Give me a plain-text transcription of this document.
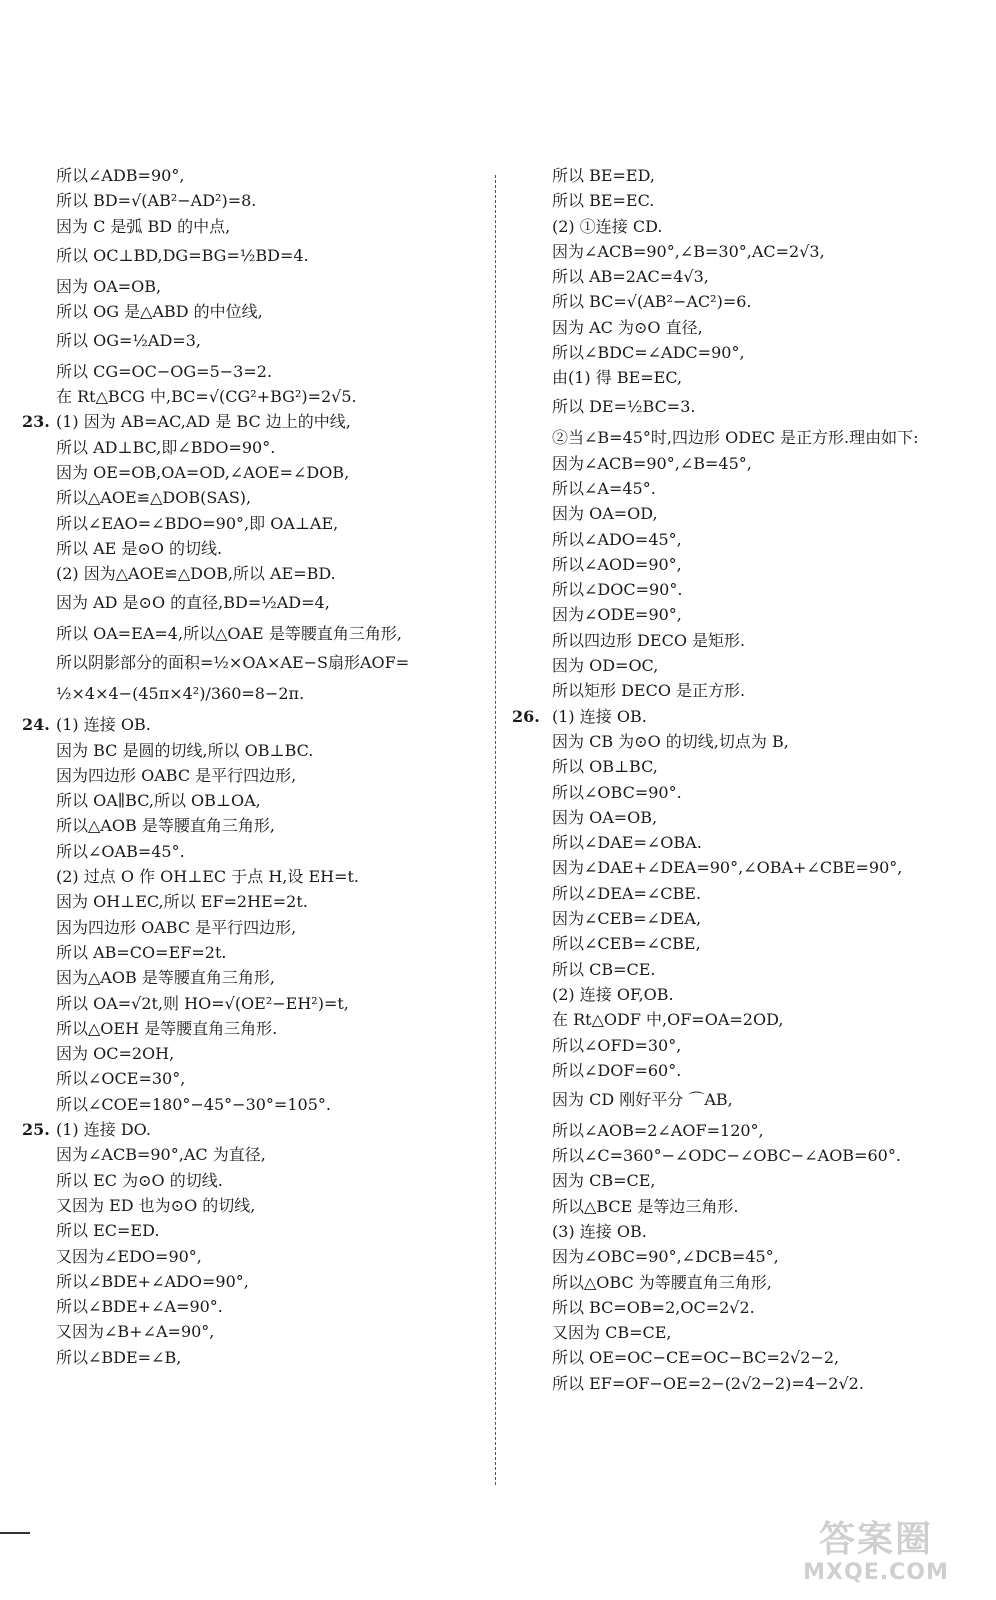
所以∠ADB=90°,
所以 BD=√(AB²−AD²)=8.
因为 C 是弧 BD 的中点,
所以 OC⊥BD,DG=BG=½BD=4.
因为 OA=OB,
所以 OG 是△ABD 的中位线,
所以 OG=½AD=3,
所以 CG=OC−OG=5−3=2.
在 Rt△BCG 中,BC=√(CG²+BG²)=2√5.
23. (1) 因为 AB=AC,AD 是 BC 边上的中线,
所以 AD⊥BC,即∠BDO=90°.
因为 OE=OB,OA=OD,∠AOE=∠DOB,
所以△AOE≌△DOB(SAS),
所以∠EAO=∠BDO=90°,即 OA⊥AE,
所以 AE 是⊙O 的切线.
(2) 因为△AOE≌△DOB,所以 AE=BD.
因为 AD 是⊙O 的直径,BD=½AD=4,
所以 OA=EA=4,所以△OAE 是等腰直角三角形,
所以阴影部分的面积=½×OA×AE−S扇形AOF=
½×4×4−(45π×4²)/360=8−2π.
24. (1) 连接 OB.
因为 BC 是圆的切线,所以 OB⊥BC.
因为四边形 OABC 是平行四边形,
所以 OA∥BC,所以 OB⊥OA,
所以△AOB 是等腰直角三角形,
所以∠OAB=45°.
(2) 过点 O 作 OH⊥EC 于点 H,设 EH=t.
因为 OH⊥EC,所以 EF=2HE=2t.
因为四边形 OABC 是平行四边形,
所以 AB=CO=EF=2t.
因为△AOB 是等腰直角三角形,
所以 OA=√2t,则 HO=√(OE²−EH²)=t,
所以△OEH 是等腰直角三角形.
因为 OC=2OH,
所以∠OCE=30°,
所以∠COE=180°−45°−30°=105°.
25. (1) 连接 DO.
因为∠ACB=90°,AC 为直径,
所以 EC 为⊙O 的切线.
又因为 ED 也为⊙O 的切线,
所以 EC=ED.
又因为∠EDO=90°,
所以∠BDE+∠ADO=90°,
所以∠BDE+∠A=90°.
又因为∠B+∠A=90°,
所以∠BDE=∠B,
所以 BE=ED,
所以 BE=EC.
(2) ①连接 CD.
因为∠ACB=90°,∠B=30°,AC=2√3,
所以 AB=2AC=4√3,
所以 BC=√(AB²−AC²)=6.
因为 AC 为⊙O 直径,
所以∠BDC=∠ADC=90°,
由(1) 得 BE=EC,
所以 DE=½BC=3.
②当∠B=45°时,四边形 ODEC 是正方形.理由如下:
因为∠ACB=90°,∠B=45°,
所以∠A=45°.
因为 OA=OD,
所以∠ADO=45°,
所以∠AOD=90°,
所以∠DOC=90°.
因为∠ODE=90°,
所以四边形 DECO 是矩形.
因为 OD=OC,
所以矩形 DECO 是正方形.
26. (1) 连接 OB.
因为 CB 为⊙O 的切线,切点为 B,
所以 OB⊥BC,
所以∠OBC=90°.
因为 OA=OB,
所以∠DAE=∠OBA.
因为∠DAE+∠DEA=90°,∠OBA+∠CBE=90°,
所以∠DEA=∠CBE.
因为∠CEB=∠DEA,
所以∠CEB=∠CBE,
所以 CB=CE.
(2) 连接 OF,OB.
在 Rt△ODF 中,OF=OA=2OD,
所以∠OFD=30°,
所以∠DOF=60°.
因为 CD 刚好平分 ⌒AB,
所以∠AOB=2∠AOF=120°,
所以∠C=360°−∠ODC−∠OBC−∠AOB=60°.
因为 CB=CE,
所以△BCE 是等边三角形.
(3) 连接 OB.
因为∠OBC=90°,∠DCB=45°,
所以△OBC 为等腰直角三角形,
所以 BC=OB=2,OC=2√2.
又因为 CB=CE,
所以 OE=OC−CE=OC−BC=2√2−2,
所以 EF=OF−OE=2−(2√2−2)=4−2√2.
答案圈
MXQE.COM
